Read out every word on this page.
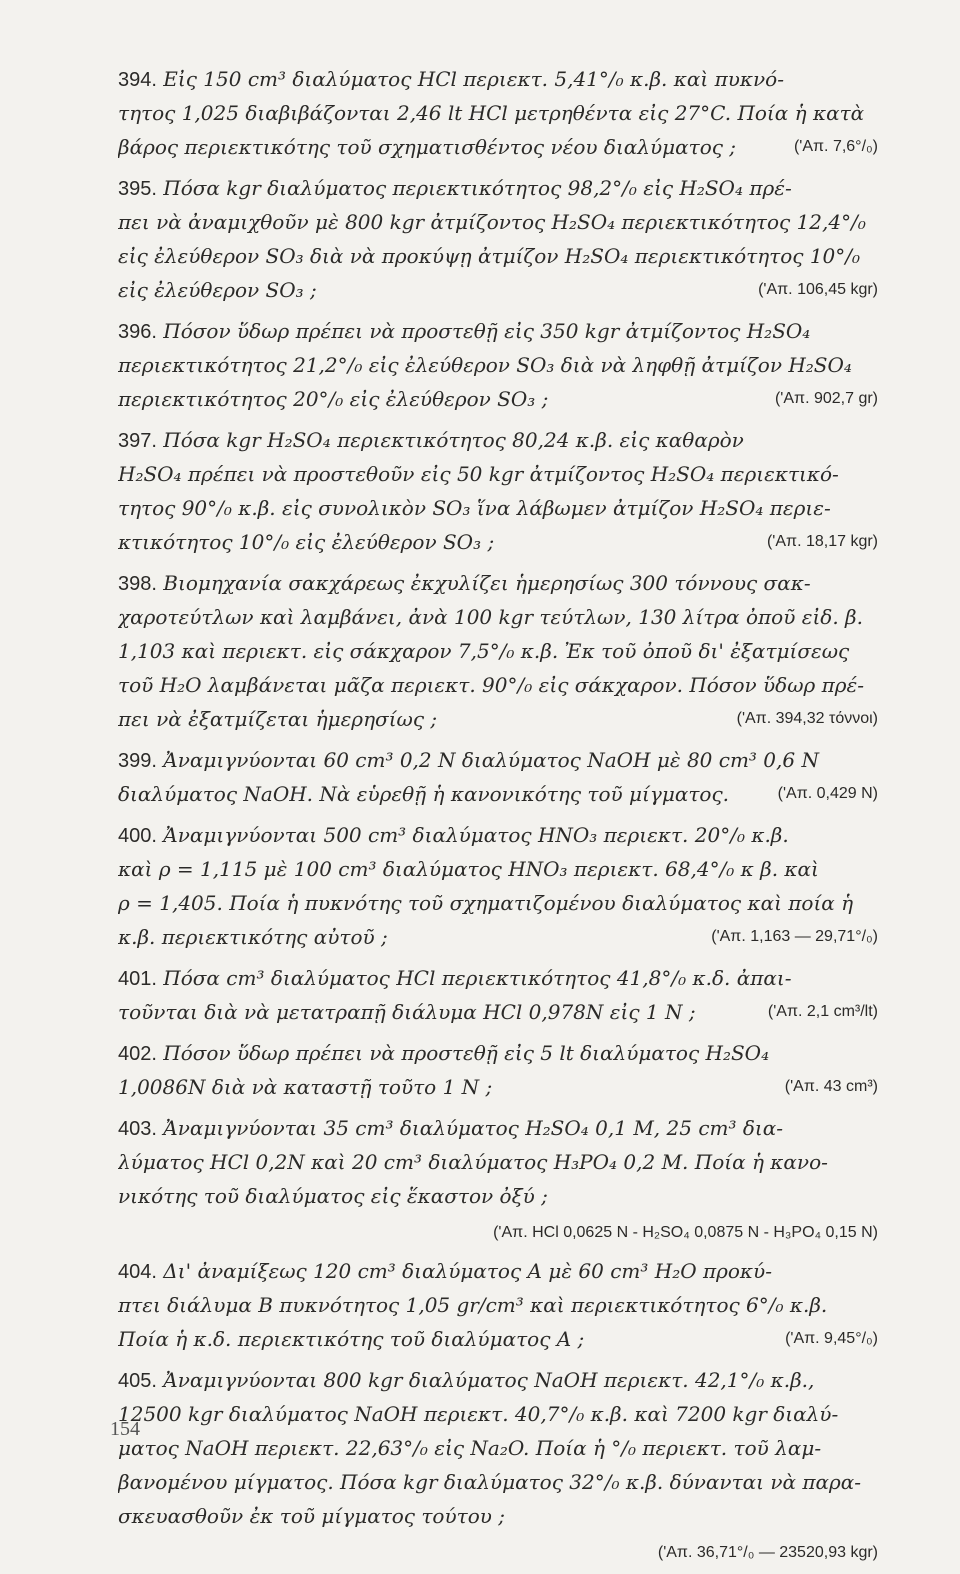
394. Εἰς 150 cm³ διαλύματος HCl περιεκτ. 5,41°/₀ κ.β. καὶ πυκνό-
τητος 1,025 διαβιβάζονται 2,46 lt HCl μετρηθέντα εἰς 27°C. Ποία ἡ κατὰ
('Απ. 7,6°/₀)
βάρος περιεκτικότης τοῦ σχηματισθέντος νέου διαλύματος ;
395. Πόσα kgr διαλύματος περιεκτικότητος 98,2°/₀ εἰς H₂SO₄ πρέ-
πει νὰ ἀναμιχθοῦν μὲ 800 kgr ἀτμίζοντος H₂SO₄ περιεκτικότητος 12,4°/₀
εἰς ἐλεύθερον SO₃ διὰ νὰ προκύψῃ ἀτμίζον H₂SO₄ περιεκτικότητος 10°/₀
('Απ. 106,45 kgr)
εἰς ἐλεύθερον SO₃ ;
396. Πόσον ὕδωρ πρέπει νὰ προστεθῇ εἰς 350 kgr ἀτμίζοντος H₂SO₄
περιεκτικότητος 21,2°/₀ εἰς ἐλεύθερον SO₃ διὰ νὰ ληφθῇ ἀτμίζον H₂SO₄
('Απ. 902,7 gr)
περιεκτικότητος 20°/₀ εἰς ἐλεύθερον SO₃ ;
397. Πόσα kgr H₂SO₄ περιεκτικότητος 80,24 κ.β. εἰς καθαρὸν
H₂SO₄ πρέπει νὰ προστεθοῦν εἰς 50 kgr ἀτμίζοντος H₂SO₄ περιεκτικό-
τητος 90°/₀ κ.β. εἰς συνολικὸν SO₃ ἵνα λάβωμεν ἀτμίζον H₂SO₄ περιε-
('Απ. 18,17 kgr)
κτικότητος 10°/₀ εἰς ἐλεύθερον SO₃ ;
398. Βιομηχανία σακχάρεως ἐκχυλίζει ἡμερησίως 300 τόννους σακ-
χαροτεύτλων καὶ λαμβάνει, ἀνὰ 100 kgr τεύτλων, 130 λίτρα ὀποῦ εἰδ. β.
1,103 καὶ περιεκτ. εἰς σάκχαρον 7,5°/₀ κ.β. Ἐκ τοῦ ὀποῦ δι' ἐξατμίσεως
τοῦ H₂O λαμβάνεται μᾶζα περιεκτ. 90°/₀ εἰς σάκχαρον. Πόσον ὕδωρ πρέ-
('Απ. 394,32 τόννοι)
πει νὰ ἐξατμίζεται ἡμερησίως ;
399. Ἀναμιγνύονται 60 cm³ 0,2 N διαλύματος NaOH μὲ 80 cm³ 0,6 N
('Απ. 0,429 N)
διαλύματος NaOH. Νὰ εὑρεθῇ ἡ κανονικότης τοῦ μίγματος.
400. Ἀναμιγνύονται 500 cm³ διαλύματος HNO₃ περιεκτ. 20°/₀ κ.β.
καὶ ρ = 1,115 μὲ 100 cm³ διαλύματος HNO₃ περιεκτ. 68,4°/₀ κ β. καὶ
ρ = 1,405. Ποία ἡ πυκνότης τοῦ σχηματιζομένου διαλύματος καὶ ποία ἡ
('Απ. 1,163 — 29,71°/₀)
κ.β. περιεκτικότης αὐτοῦ ;
401. Πόσα cm³ διαλύματος HCl περιεκτικότητος 41,8°/₀ κ.δ. ἀπαι-
('Απ. 2,1 cm³/lt)
τοῦνται διὰ νὰ μετατραπῇ διάλυμα HCl 0,978N εἰς 1 N ;
402. Πόσον ὕδωρ πρέπει νὰ προστεθῇ εἰς 5 lt διαλύματος H₂SO₄
('Απ. 43 cm³)
1,0086N διὰ νὰ καταστῇ τοῦτο 1 N ;
403. Ἀναμιγνύονται 35 cm³ διαλύματος H₂SO₄ 0,1 M, 25 cm³ δια-
λύματος HCl 0,2N καὶ 20 cm³ διαλύματος H₃PO₄ 0,2 M. Ποία ἡ κανο-
νικότης τοῦ διαλύματος εἰς ἕκαστον ὀξύ ;
('Απ. HCl 0,0625 N - H₂SO₄ 0,0875 N - H₃PO₄ 0,15 N)
404. Δι' ἀναμίξεως 120 cm³ διαλύματος A μὲ 60 cm³ H₂O προκύ-
πτει διάλυμα B πυκνότητος 1,05 gr/cm³ καὶ περιεκτικότητος 6°/₀ κ.β.
('Απ. 9,45°/₀)
Ποία ἡ κ.δ. περιεκτικότης τοῦ διαλύματος A ;
405. Ἀναμιγνύονται 800 kgr διαλύματος NaOH περιεκτ. 42,1°/₀ κ.β.,
12500 kgr διαλύματος NaOH περιεκτ. 40,7°/₀ κ.β. καὶ 7200 kgr διαλύ-
ματος NaOH περιεκτ. 22,63°/₀ εἰς Na₂O. Ποία ἡ °/₀ περιεκτ. τοῦ λαμ-
βανομένου μίγματος. Πόσα kgr διαλύματος 32°/₀ κ.β. δύνανται νὰ παρα-
σκευασθοῦν ἐκ τοῦ μίγματος τούτου ;
('Απ. 36,71°/₀ — 23520,93 kgr)
154
